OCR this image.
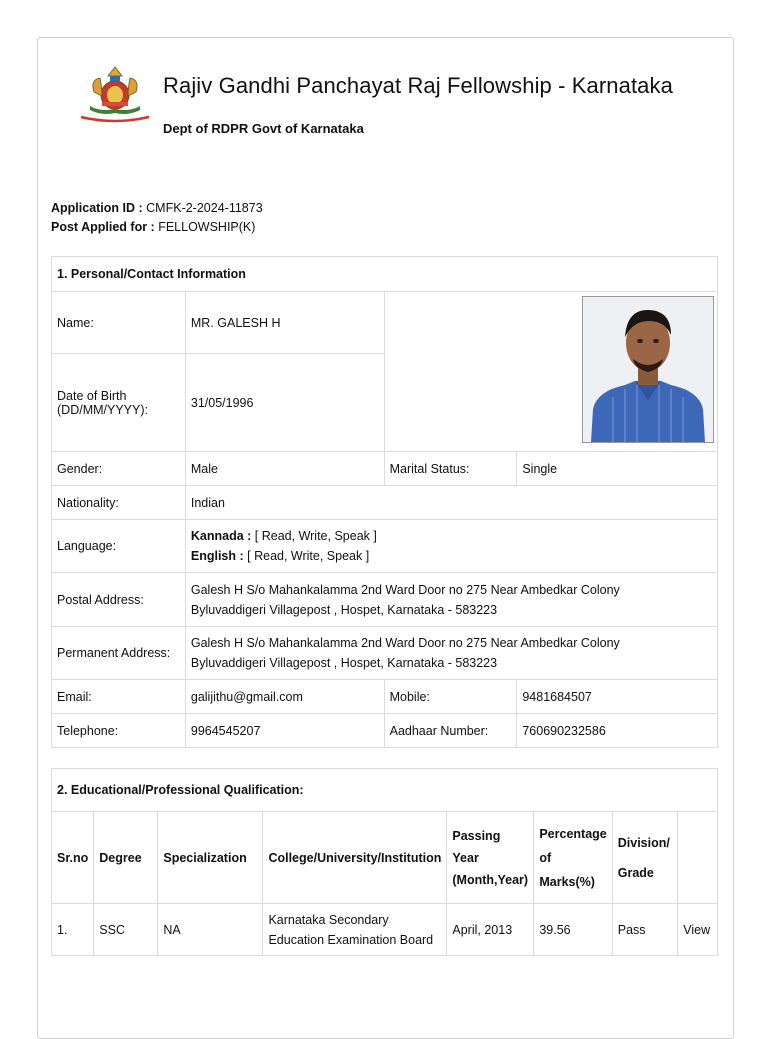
Rajiv Gandhi Panchayat Raj Fellowship - Karnataka
Dept of RDPR Govt of Karnataka
Application ID : CMFK-2-2024-11873
Post Applied for : FELLOWSHIP(K)
1. Personal/Contact Information			
Name:	MR. GALESH H		
Date of Birth (DD/MM/YYYY):	31/05/1996		
Gender:	Male	Marital Status:	Single
Nationality:	Indian		
Language:	Kannada : [ Read, Write, Speak ]
English : [ Read, Write, Speak ]		

Postal Address:	Galesh H S/o Mahankalamma 2nd Ward Door no 275 Near Ambedkar Colony
Byluvaddigeri Villagepost , Hospet, Karnataka - 583223		

Permanent Address:	Galesh H S/o Mahankalamma 2nd Ward Door no 275 Near Ambedkar Colony
Byluvaddigeri Villagepost , Hospet, Karnataka - 583223		

Email:	galijithu@gmail.com	Mobile:	9481684507
Telephone:	9964545207	Aadhaar Number:	760690232586
2. Educational/Professional Qualification:							
Sr.no	Degree	Specialization	College/University/Institution	Passing Year (Month,Year)	Percentage of Marks(%)	Division/ Grade	
1.	SSC	NA	Karnataka Secondary Education Examination Board	April, 2013	39.56	Pass	View
